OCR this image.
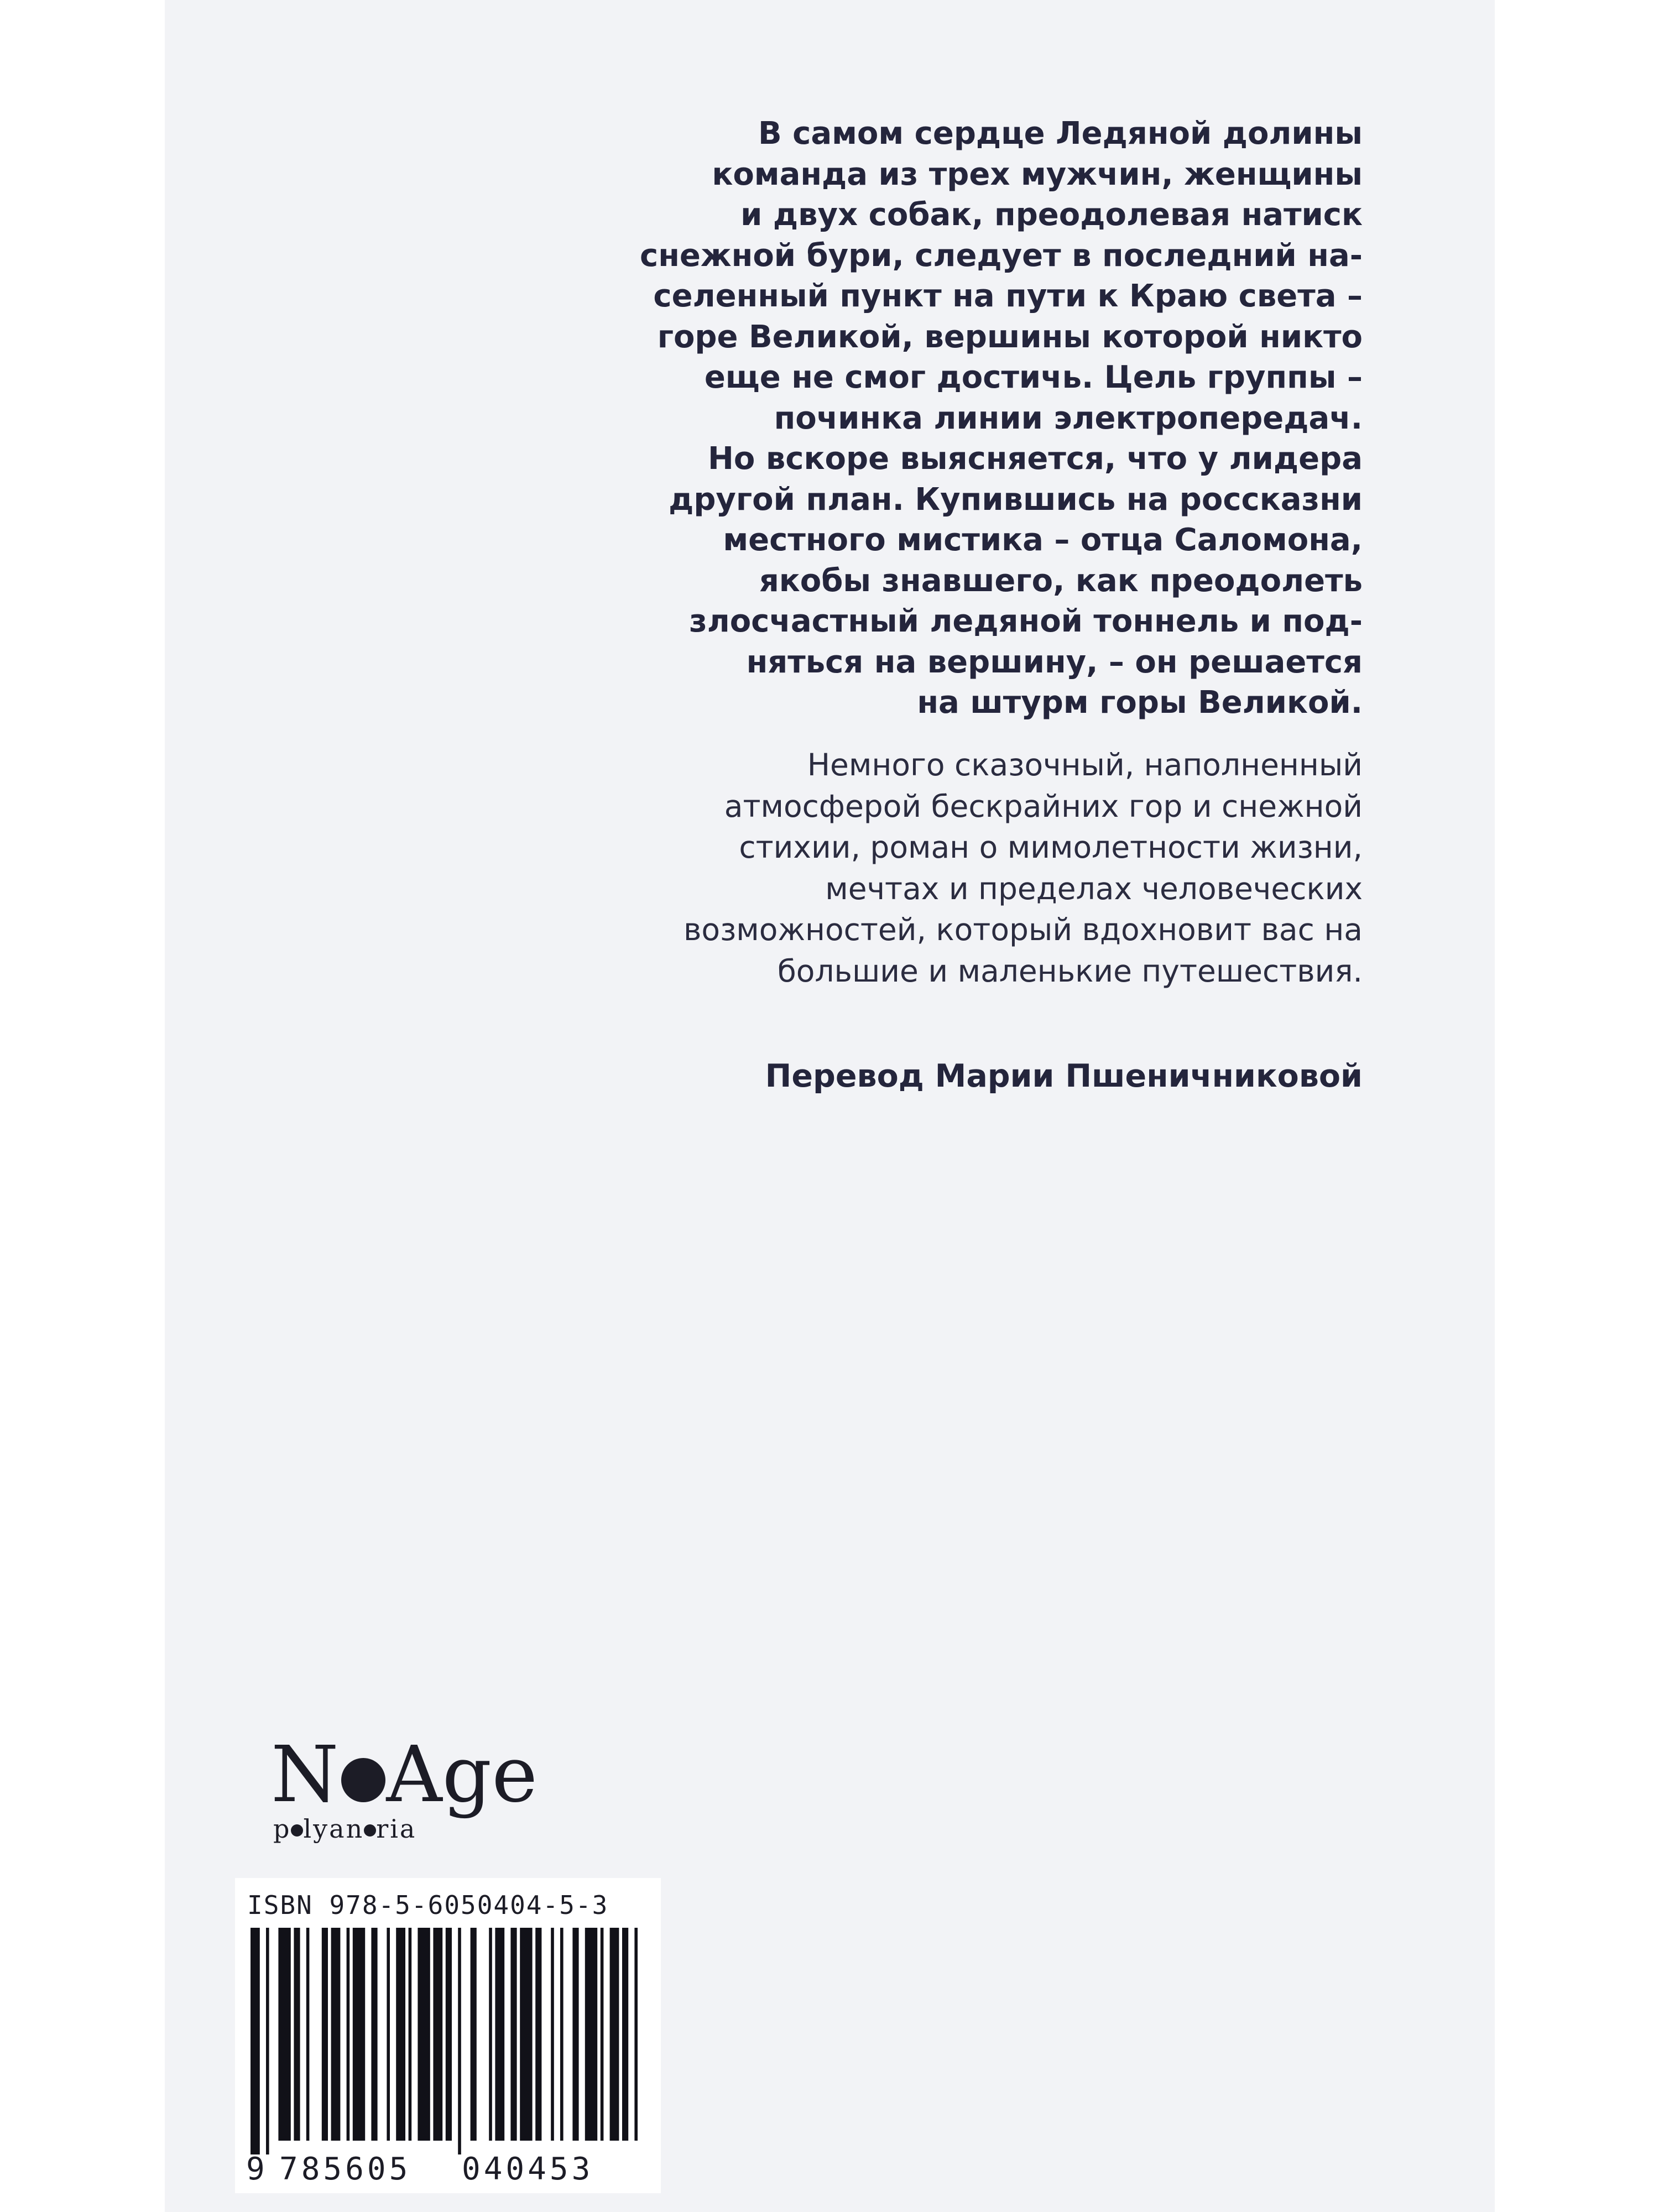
В самом сердце Ледяной долины
команда из трех мужчин, женщины
и двух собак, преодолевая натиск
снежной бури, следует в последний на-
селенный пункт на пути к Краю света –
горе Великой, вершины которой никто
еще не смог достичь. Цель группы –
починка линии электропередач.
Но вскоре выясняется, что у лидера
другой план. Купившись на россказни
местного мистика – отца Саломона,
якобы знавшего, как преодолеть
злосчастный ледяной тоннель и под-
няться на вершину, – он решается
на штурм горы Великой.
Немного сказочный, наполненный
атмосферой бескрайних гор и снежной
стихии, роман о мимолетности жизни,
мечтах и пределах человеческих
возможностей, который вдохновит вас на
большие и маленькие путешествия.
Перевод Марии Пшеничниковой
N Age
p lyan ria
ISBN 978-5-6050404-5-3
9 785605 040453
